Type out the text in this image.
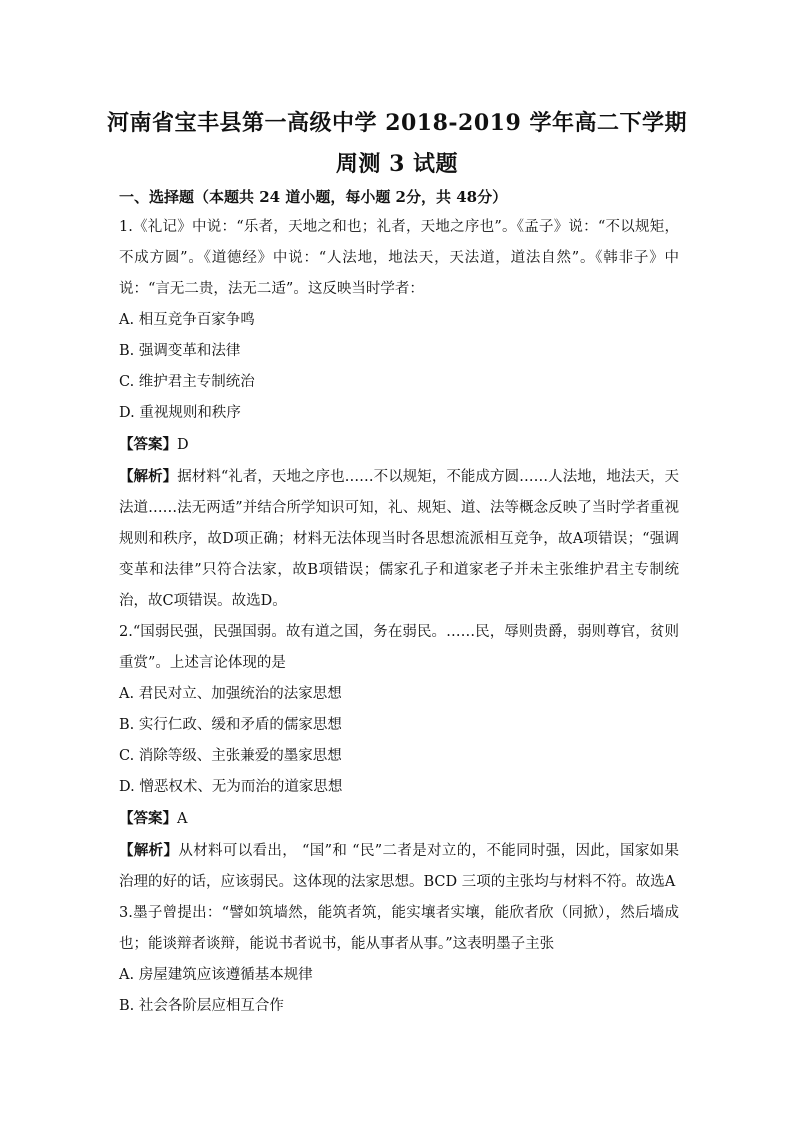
河南省宝丰县第一高级中学 2018-2019 学年高二下学期
周测 3 试题
一、选择题（本题共 24 道小题，每小题 2分，共 48分）

1.《礼记》中说：“乐者，天地之和也；礼者，天地之序也”。《孟子》说：“不以规矩，不成方圆”。《道德经》中说：“人法地，地法天，天法道，道法自然”。《韩非子》中说：“言无二贵，法无二适”。这反映当时学者：

A. 相互竞争百家争鸣

B. 强调变革和法律

C. 维护君主专制统治

D. 重视规则和秩序

【答案】D

【解析】据材料“礼者，天地之序也……不以规矩，不能成方圆……人法地，地法天，天法道……法无两适”并结合所学知识可知，礼、规矩、道、法等概念反映了当时学者重视规则和秩序，故D项正确；材料无法体现当时各思想流派相互竞争，故A项错误；“强调变革和法律”只符合法家，故B项错误；儒家孔子和道家老子并未主张维护君主专制统治，故C项错误。故选D。

2.“国弱民强，民强国弱。故有道之国，务在弱民。……民，辱则贵爵，弱则尊官，贫则重赏”。上述言论体现的是

A. 君民对立、加强统治的法家思想

B. 实行仁政、缓和矛盾的儒家思想

C. 消除等级、主张兼爱的墨家思想

D. 憎恶权术、无为而治的道家思想

【答案】A

【解析】从材料可以看出， “国”和 “民”二者是对立的，不能同时强，因此，国家如果治理的好的话，应该弱民。这体现的法家思想。BCD 三项的主张均与材料不符。故选A

3.墨子曾提出：“譬如筑墙然，能筑者筑，能实壤者实壤，能欣者欣（同掀），然后墙成也；能谈辩者谈辩，能说书者说书，能从事者从事。”这表明墨子主张

A. 房屋建筑应该遵循基本规律

B. 社会各阶层应相互合作
